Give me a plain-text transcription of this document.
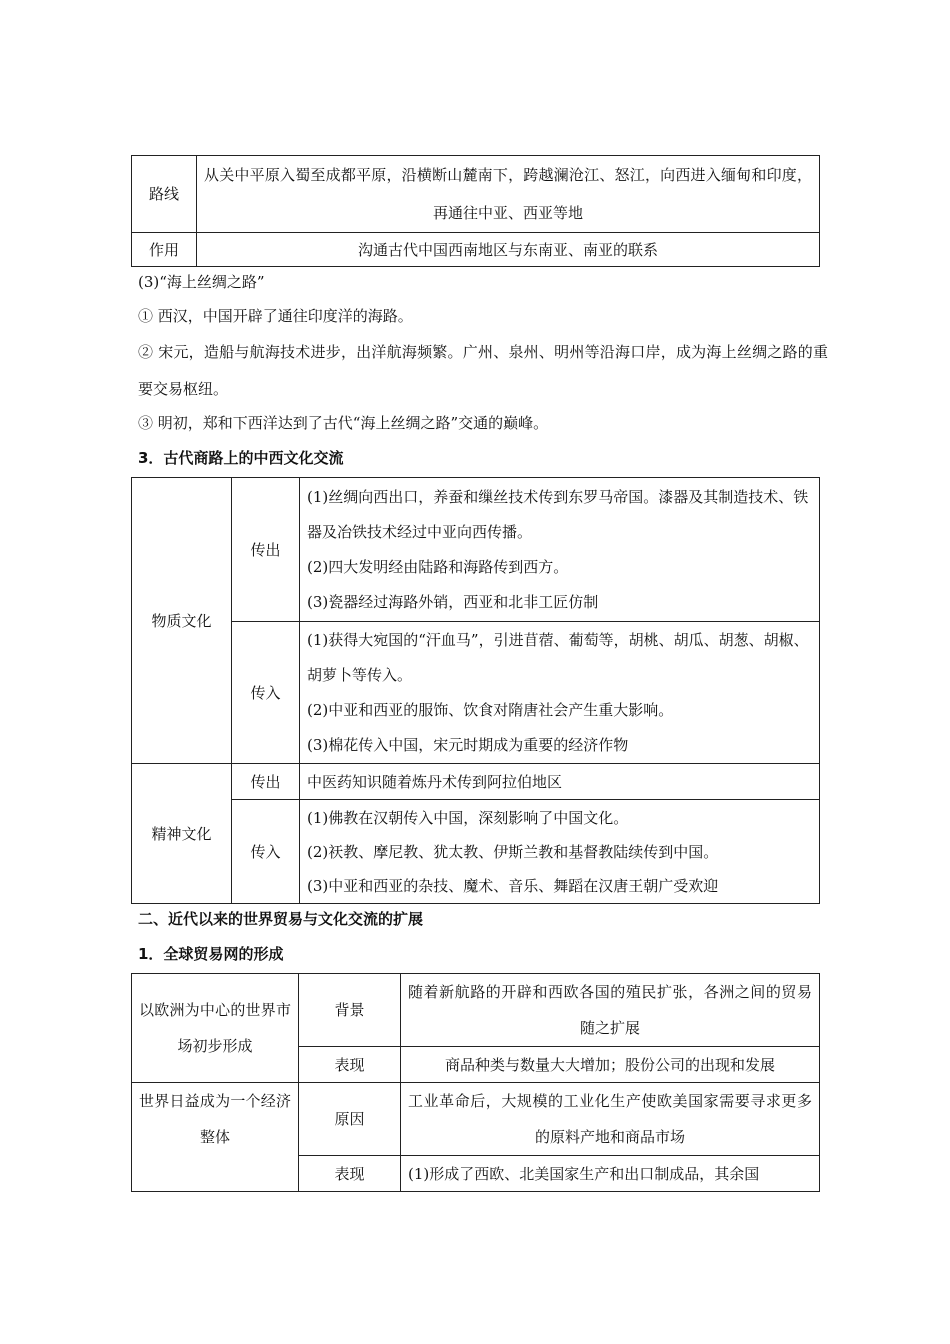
路线	从关中平原入蜀至成都平原，沿横断山麓南下，跨越澜沧江、怒江，向西进入缅甸和印度，再通往中亚、西亚等地
作用	沟通古代中国西南地区与东南亚、南亚的联系

(3)“海上丝绸之路”

① 西汉，中国开辟了通往印度洋的海路。

② 宋元，造船与航海技术进步，出洋航海频繁。广州、泉州、明州等沿海口岸，成为海上丝绸之路的重要交易枢纽。

③ 明初，郑和下西洋达到了古代“海上丝绸之路”交通的巅峰。

3．古代商路上的中西文化交流

物质文化	传出	(1)丝绸向西出口，养蚕和缫丝技术传到东罗马帝国。漆器及其制造技术、铁器及冶铁技术经过中亚向西传播。

(2)四大发明经由陆路和海路传到西方。

(3)瓷器经过海路外销，西亚和北非工匠仿制

	传入	(1)获得大宛国的“汗血马”，引进苜蓿、葡萄等，胡桃、胡瓜、胡葱、胡椒、胡萝卜等传入。

(2)中亚和西亚的服饰、饮食对隋唐社会产生重大影响。

(3)棉花传入中国，宋元时期成为重要的经济作物

精神文化	传出	中医药知识随着炼丹术传到阿拉伯地区
	传入	(1)佛教在汉朝传入中国，深刻影响了中国文化。

(2)祆教、摩尼教、犹太教、伊斯兰教和基督教陆续传到中国。

(3)中亚和西亚的杂技、魔术、音乐、舞蹈在汉唐王朝广受欢迎

二、近代以来的世界贸易与文化交流的扩展

1．全球贸易网的形成

以欧洲为中心的世界市场初步形成	背景	随着新航路的开辟和西欧各国的殖民扩张，各洲之间的贸易随之扩展
	表现	商品种类与数量大大增加；股份公司的出现和发展
世界日益成为一个经济整体	原因	工业革命后，大规模的工业化生产使欧美国家需要寻求更多的原料产地和商品市场
	表现	(1)形成了西欧、北美国家生产和出口制成品，其余国
